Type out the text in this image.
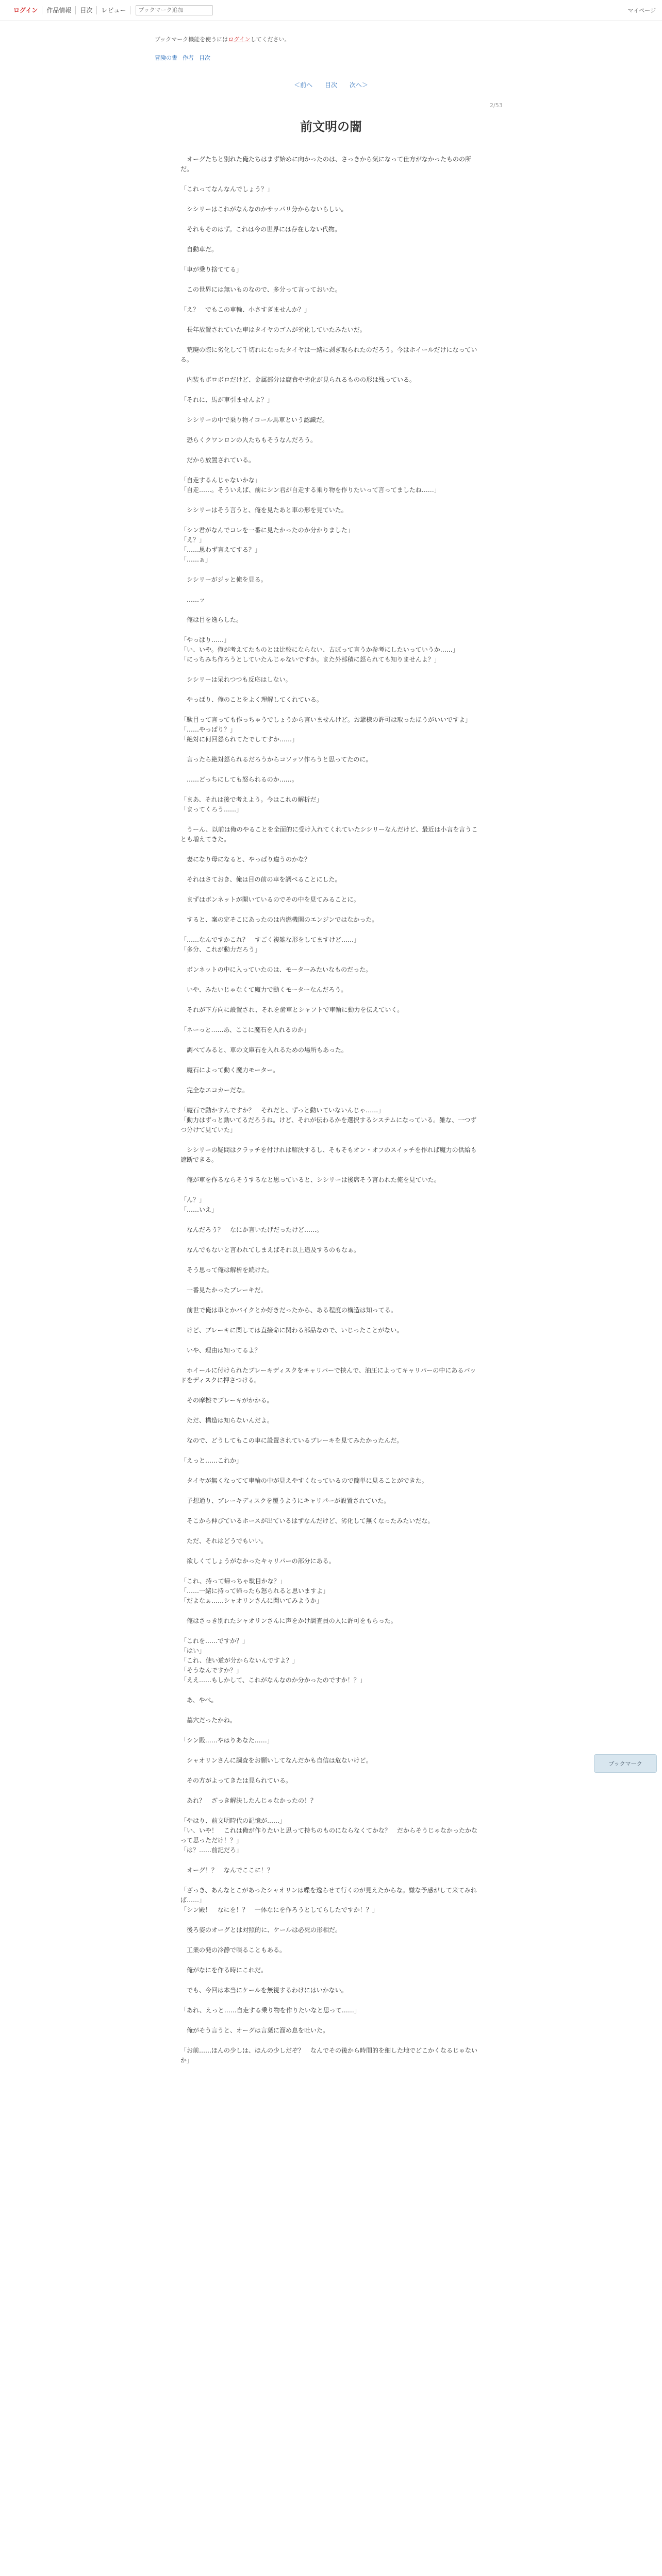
ログイン	作品情報	目次	レビュー
ブックマーク追加	マイページ
ブックマーク機能を使うにはログインしてください。
冒険の書 作者 目次
＜前へ 目次 次へ＞
2/53
前文明の闇

　オーグたちと別れた俺たちはまず始めに向かったのは、さっきから気になって仕方がなかったものの所だ。

「これってなんなんでしょう？」

　シシリーはこれがなんなのかサッパリ分からないらしい。

　それもそのはず。これは今の世界には存在しない代物。

　自動車だ。

「車が乗り捨ててる」

　この世界には無いものなので、多分って言っておいた。

「え？　でもこの車輪、小さすぎませんか？」

　長年放置されていた車はタイヤのゴムが劣化していたみたいだ。

　荒廃の際に劣化して千切れになったタイヤは一緒に剥ぎ取られたのだろう。今はホイールだけになっている。

　内装もボロボロだけど、金属部分は腐食や劣化が見られるものの形は残っている。

「それに、馬が車引ませんよ？」

　シシリーの中で乗り物イコール馬車という認識だ。

　恐らくクワンロンの人たちもそうなんだろう。

　だから放置されている。

「自走するんじゃないかな」
「自走……。そういえば、前にシン君が自走する乗り物を作りたいって言ってましたね……」

　シシリーはそう言うと、俺を見たあと車の形を見ていた。

「シン君がなんでコレを一番に見たかったのか分かりました」
「え？」
「……思わず言えてする？」
「……ぁ」

　シシリーがジッと俺を見る。

　……ッ

　俺は目を逸らした。

「やっぱり……」
「い、いや。俺が考えてたものとは比較にならない、古ぼって言うか参考にしたいっていうか……」
「にっちみち作ろうとしていたんじゃないですか。また外部積に怒られても知りませんよ？」

　シシリーは呆れつつも反応はしない。

　やっぱり、俺のことをよく理解してくれている。

「駄目って言っても作っちゃうでしょうから言いませんけど。お爺様の許可は取ったほうがいいですよ」
「……やっぱり？」
「絶対に何回怒られてたでしてすか……」

　言ったら絶対怒られるだろうからコソッソ作ろうと思ってたのに。

　……どっちにしても怒られるのか……。

「まあ、それは後で考えよう。今はこれの解析だ」
「まってくろう……」

　うーん、以前は俺のやることを全面的に受け入れてくれていたシシリーなんだけど、最近は小言を言うことも増えてきた。

　妻になり母になると、やっぱり違うのかな？

　それはさておき、俺は目の前の車を調べることにした。

　まずはボンネットが開いているのでその中を見てみることに。

　すると、案の定そこにあったのは内燃機関のエンジンではなかった。

「……なんですかこれ？　すごく複雑な形をしてますけど……」
「多分、これが動力だろう」

　ボンネットの中に入っていたのは、モーターみたいなものだった。

　いや、みたいじゃなくて魔力で動くモーターなんだろう。

　それが下方向に設置され、それを歯車とシャフトで車輪に動力を伝えていく。

「ネーっと……あ、ここに魔石を入れるのか」

　調べてみると、車の文庫石を入れるための場所もあった。

　魔石によって動く魔力モーター。

　完全なエコカーだな。

「魔石で動かすんですか？　それだと、ずっと動いていないんじゃ……」
「動力はずっと動いてるだろうね。けど、それが伝わるかを選択するシステムになっている。雑な、一つずつ分けて見ていた」

　シシリーの疑問はクラッチを付けれは解決するし、そもそもオン・オフのスイッチを作れば魔力の供給も遮断できる。

　俺が車を作るならそうするなと思っていると、シシリーは後席そう言われた俺を見ていた。

「ん？」
「……いえ」

　なんだろう？　なにか言いたげだったけど……。

　なんでもないと言われてしまえばそれ以上追及するのもなぁ。

　そう思って俺は解析を続けた。

　一番見たかったブレーキだ。

　前世で俺は車とかバイクとか好きだったから、ある程度の構造は知ってる。

　けど、ブレーキに関しては直接命に関わる部品なので、いじったことがない。

　いや、理由は知ってるよ？

　ホイールに付けられたブレーキディスクをキャリパーで挟んで、油圧によってキャリパーの中にあるパッドをディスクに押さつける。

　その摩擦でブレーキがかかる。

　ただ、構造は知らないんだよ。

　なので、どうしてもこの車に設置されているブレーキを見てみたかったんだ。

「えっと……これか」

　タイヤが無くなってて車輪の中が見えやすくなっているので簡単に見ることができた。

　予想通り、ブレーキディスクを覆うようにキャリパーが設置されていた。

　そこから伸びているホースが出ているはずなんだけど、劣化して無くなったみたいだな。

　ただ、それはどうでもいい。

　欲しくてしょうがなかったキャリパーの部分にある。

「これ、持って帰っちゃ駄目かな？」
「……一緒に持って帰ったら怒られると思いますよ」
「だよなぁ……シャオリンさんに聞いてみようか」

　俺はさっき別れたシャオリンさんに声をかけ調査員の人に許可をもらった。

「これを……ですか？」
「はい」
「これ、使い道が分からないんですよ？」
「そうなんですか？」
「ええ……もしかして、これがなんなのか分かったのですか！？」

　あ、やべ。

　墓穴だったかね。

「シン殿……やはりあなた……」

　シャオリンさんに調査をお願いしてなんだかも自信は危ないけど。

　その方がよってきたは見られている。

　あれ？　ざっき解決したんじゃなかったの！？

「やはり、前文明時代の記憶が……」
「い、いや！　これは俺が作りたいと思って持ちのものにならなくてかな？　だからそうじゃなかったかなって思っただけ！？」
「は？……前記だろ」

　オーグ！？　なんでここに！？

「ざっき、あんなとこがあったシャオリンは喋を逸らせて行くのが見えたからな。嫌な予感がして来てみれば……」
「シン殿！　なにを！？　一体なにを作ろうとしてらしたですか！？」

　後ろ姿のオーグとは対照的に、ケールは必死の形相だ。

　工業の発の冷静で喋ることもある。

　俺がなにを作る時にこれだ。

　でも、今回は本当にケールを無視するわけにはいかない。

「あれ、えっと……自走する乗り物を作りたいなと思って……」

　俺がそう言うと、オーグは言葉に溜め息を吐いた。

「お前……ほんの少しは、ほんの少しだぞ？　なんでその後から時間的を細した地でどこかくなるじゃないか」

ブックマーク
